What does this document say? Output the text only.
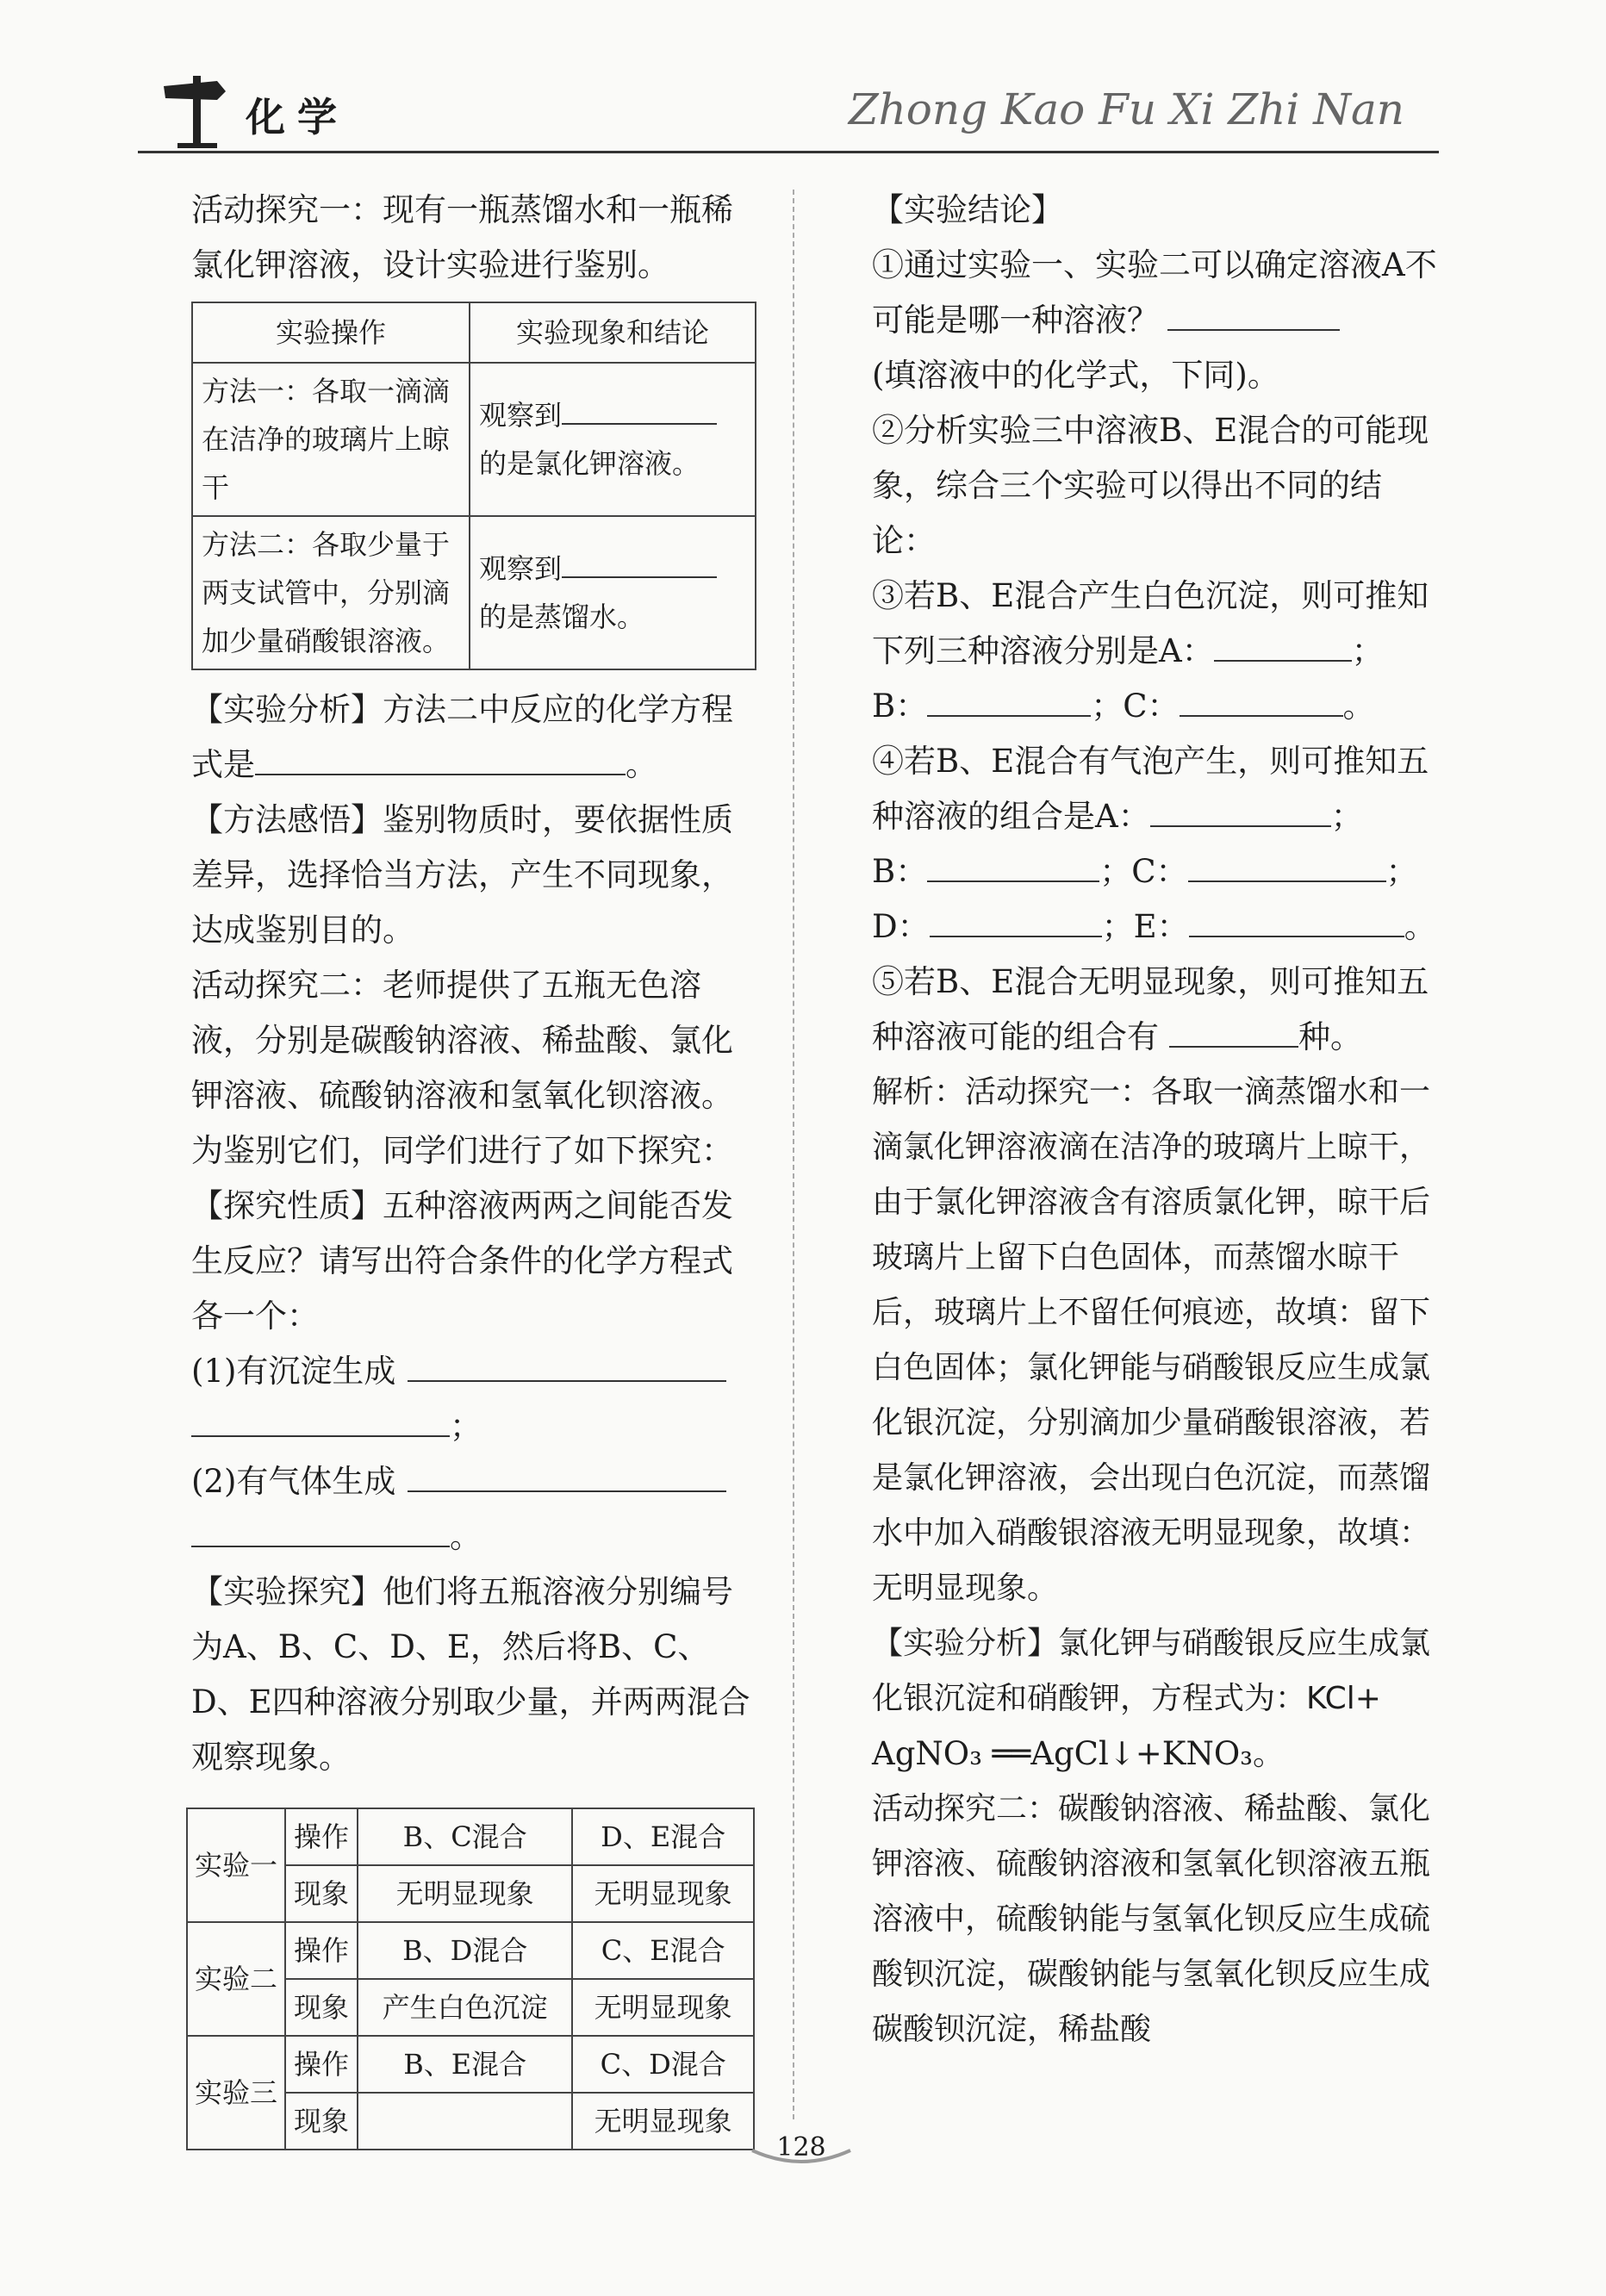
化学	Zhong Kao Fu Xi Zhi Nan

活动探究一：现有一瓶蒸馏水和一瓶稀氯化钾溶液，设计实验进行鉴别。

实验操作	实验现象和结论
方法一：各取一滴滴在洁净的玻璃片上晾干	观察到
的是氯化钾溶液。
方法二：各取少量于两支试管中，分别滴加少量硝酸银溶液。	观察到
的是蒸馏水。

【实验分析】方法二中反应的化学方程式是	。

【方法感悟】鉴别物质时，要依据性质差异，选择恰当方法，产生不同现象，达成鉴别目的。

活动探究二：老师提供了五瓶无色溶液，分别是碳酸钠溶液、稀盐酸、氯化钾溶液、硫酸钠溶液和氢氧化钡溶液。为鉴别它们，同学们进行了如下探究：

【探究性质】五种溶液两两之间能否发生反应？请写出符合条件的化学方程式各一个：

(1)有沉淀生成
；

(2)有气体生成
。

【实验探究】他们将五瓶溶液分别编号为A、B、C、D、E，然后将B、C、D、E四种溶液分别取少量，并两两混合观察现象。

实验一	操作	B、C混合	D、E混合
	现象	无明显现象	无明显现象
实验二	操作	B、D混合	C、E混合
	现象	产生白色沉淀	无明显现象
实验三	操作	B、E混合	C、D混合
	现象		无明显现象

【实验结论】

①通过实验一、实验二可以确定溶液A不可能是哪一种溶液？
(填溶液中的化学式，下同)。

②分析实验三中溶液B、E混合的可能现象，综合三个实验可以得出不同的结论：

③若B、E混合产生白色沉淀，则可推知下列三种溶液分别是A：	；
B：	；C：	。

④若B、E混合有气泡产生，则可推知五种溶液的组合是A：	；
B：	；C：	；
D：	；E：	。

⑤若B、E混合无明显现象，则可推知五种溶液可能的组合有	种。

解析：活动探究一：各取一滴蒸馏水和一滴氯化钾溶液滴在洁净的玻璃片上晾干，由于氯化钾溶液含有溶质氯化钾，晾干后玻璃片上留下白色固体，而蒸馏水晾干后，玻璃片上不留任何痕迹，故填：留下白色固体；氯化钾能与硝酸银反应生成氯化银沉淀，分别滴加少量硝酸银溶液，若是氯化钾溶液，会出现白色沉淀，而蒸馏水中加入硝酸银溶液无明显现象，故填：无明显现象。

【实验分析】氯化钾与硝酸银反应生成氯化银沉淀和硝酸钾，方程式为：KCl+

AgNO₃ ══AgCl↓+KNO₃。

活动探究二：碳酸钠溶液、稀盐酸、氯化钾溶液、硫酸钠溶液和氢氧化钡溶液五瓶溶液中，硫酸钠能与氢氧化钡反应生成硫酸钡沉淀，碳酸钠能与氢氧化钡反应生成碳酸钡沉淀，稀盐酸

128
